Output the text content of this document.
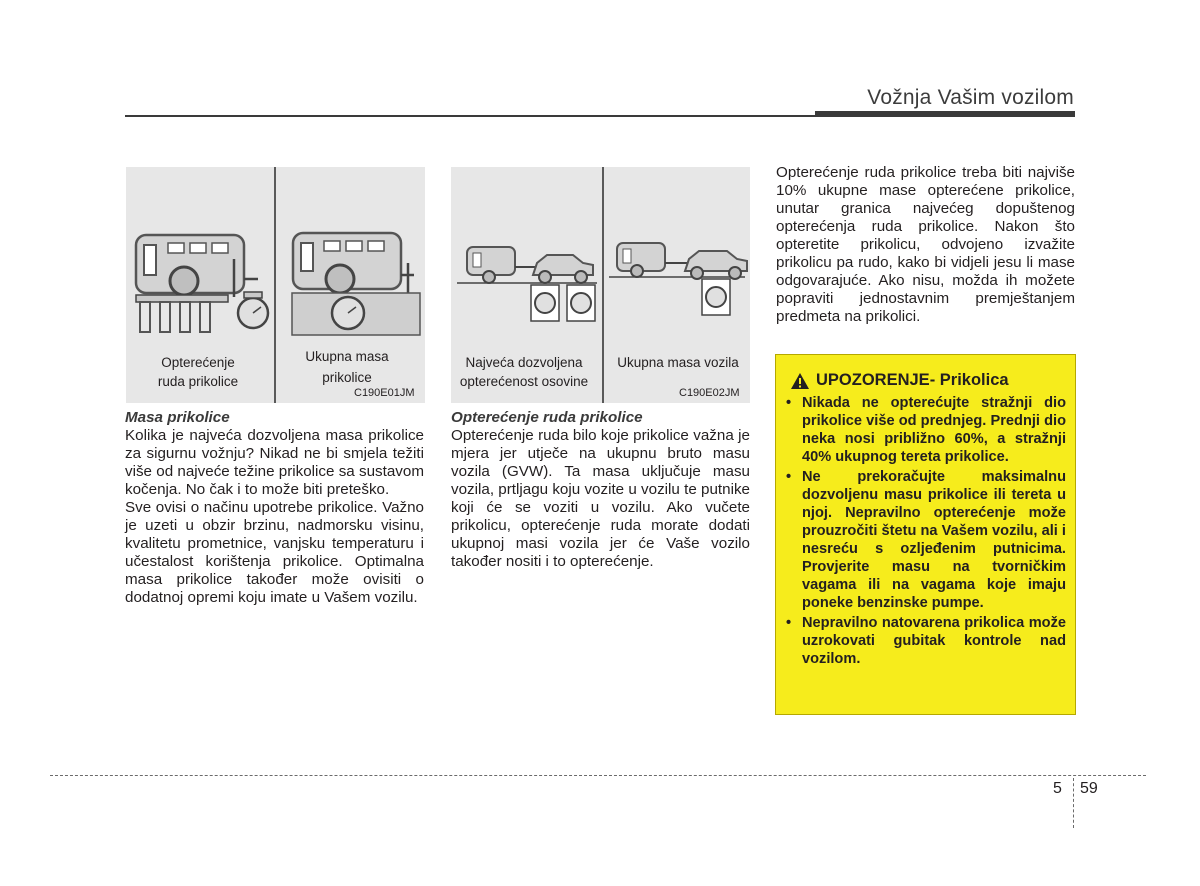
Vožnja Vašim vozilom
Opterećenje
ruda prikolice
Ukupna masa
prikolice
C190E01JM
Najveća dozvoljena
opterećenost osovine
Ukupna masa vozila
C190E02JM

Masa prikolice

Kolika je najveća dozvoljena masa prikolice za sigurnu vožnju? Nikad ne bi smjela težiti više od najveće težine prikolice sa sustavom kočenja. No čak i to može biti preteško.

Sve ovisi o načinu upotrebe prikolice. Važno je uzeti u obzir brzinu, nadmorsku visinu, kvalitetu prometnice, vanjsku temperaturu i učestalost korištenja prikolice. Optimalna masa prikolice također može ovisiti o dodatnoj opremi koju imate u Vašem vozilu.

Opterećenje ruda prikolice

Opterećenje ruda bilo koje prikolice važna je mjera jer utječe na ukupnu bruto masu vozila (GVW). Ta masa uključuje masu vozila, prtljagu koju vozite u vozilu te putnike koji će se voziti u vozilu. Ako vučete prikolicu, opterećenje ruda morate dodati ukupnoj masi vozila jer će Vaše vozilo također nositi i to opterećenje.

Opterećenje ruda prikolice treba biti najviše 10% ukupne mase opterećene prikolice, unutar granica najvećeg dopuštenog opterećenja ruda prikolice. Nakon što opteretite prikolicu, odvojeno izvažite prikolicu pa rudo, kako bi vidjeli jesu li mase odgovarajuće. Ako nisu, možda ih možete popraviti jednostavnim premještanjem predmeta na prikolici.

UPOZORENJE - Prikolica
• Nikada ne opterećujte stražnji dio prikolice više od prednjeg. Prednji dio neka nosi približno 60%, a stražnji 40% ukupnog tereta prikolice.
• Ne prekoračujte maksimalnu dozvoljenu masu prikolice ili tereta u njoj. Nepravilno opterećenje može prouzročiti štetu na Vašem vozilu, ali i nesreću s ozljeđenim putnicima. Provjerite masu na tvorničkim vagama ili na vagama koje imaju poneke benzinske pumpe.
• Nepravilno natovarena prikolica može uzrokovati gubitak kontrole nad vozilom.
5 59
